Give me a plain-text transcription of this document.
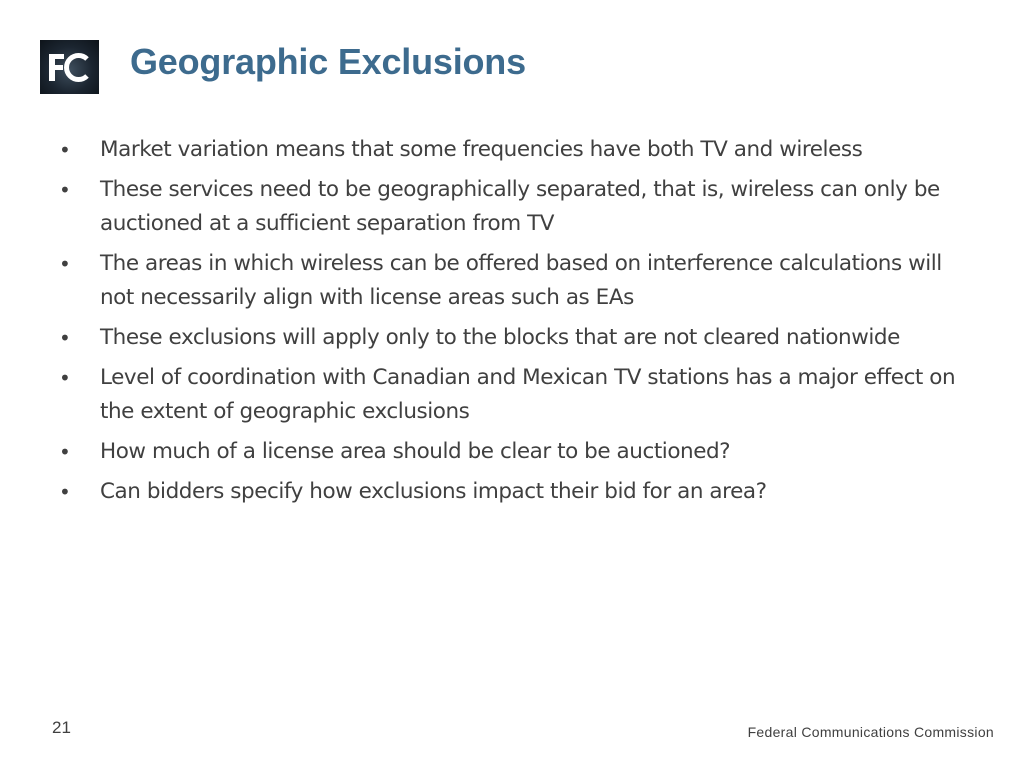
Geographic Exclusions
• Market variation means that some frequencies have both TV and wireless
• These services need to be geographically separated, that is, wireless can only be auctioned at a sufficient separation from TV
• The areas in which wireless can be offered based on interference calculations will not necessarily align with license areas such as EAs
• These exclusions will apply only to the blocks that are not cleared nationwide
• Level of coordination with Canadian and Mexican TV stations has a major effect on the extent of geographic exclusions
• How much of a license area should be clear to be auctioned?
• Can bidders specify how exclusions impact their bid for an area?
21	Federal Communications Commission
